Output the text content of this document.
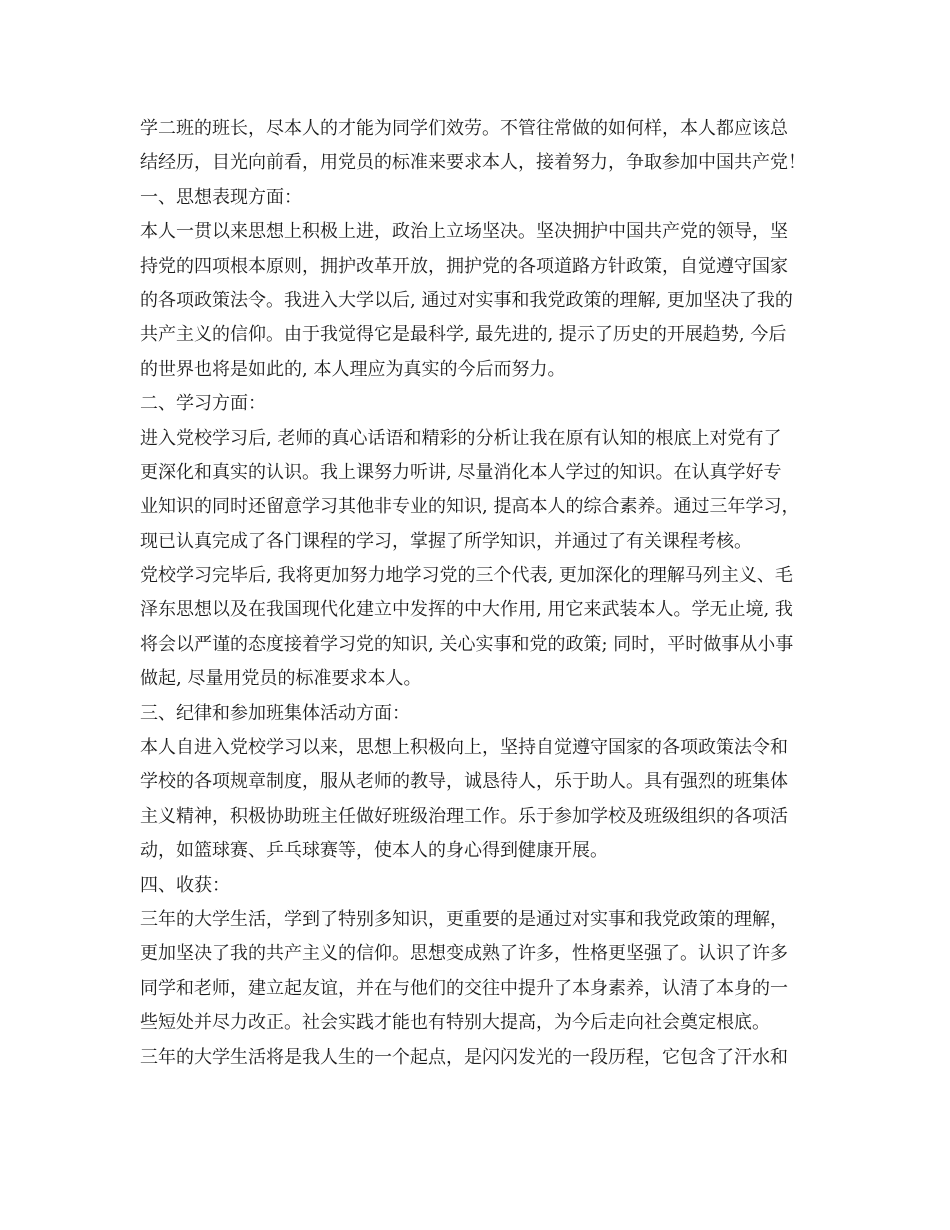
学二班的班长，尽本人的才能为同学们效劳。不管往常做的如何样，本人都应该总
结经历，目光向前看，用党员的标准来要求本人，接着努力，争取参加中国共产党！
一、思想表现方面：
本人一贯以来思想上积极上进，政治上立场坚决。坚决拥护中国共产党的领导，坚
持党的四项根本原则，拥护改革开放，拥护党的各项道路方针政策，自觉遵守国家
的各项政策法令。我进入大学以后, 通过对实事和我党政策的理解, 更加坚决了我的
共产主义的信仰。由于我觉得它是最科学, 最先进的, 提示了历史的开展趋势, 今后
的世界也将是如此的, 本人理应为真实的今后而努力。
二、学习方面：
进入党校学习后, 老师的真心话语和精彩的分析让我在原有认知的根底上对党有了
更深化和真实的认识。我上课努力听讲, 尽量消化本人学过的知识。在认真学好专
业知识的同时还留意学习其他非专业的知识, 提高本人的综合素养。通过三年学习，
现已认真完成了各门课程的学习，掌握了所学知识，并通过了有关课程考核。
党校学习完毕后, 我将更加努力地学习党的三个代表, 更加深化的理解马列主义、毛
泽东思想以及在我国现代化建立中发挥的中大作用, 用它来武装本人。学无止境, 我
将会以严谨的态度接着学习党的知识, 关心实事和党的政策; 同时，平时做事从小事
做起, 尽量用党员的标准要求本人。
三、纪律和参加班集体活动方面：
本人自进入党校学习以来，思想上积极向上，坚持自觉遵守国家的各项政策法令和
学校的各项规章制度，服从老师的教导，诚恳待人，乐于助人。具有强烈的班集体
主义精神，积极协助班主任做好班级治理工作。乐于参加学校及班级组织的各项活
动，如篮球赛、乒乓球赛等，使本人的身心得到健康开展。
四、收获：
三年的大学生活，学到了特别多知识，更重要的是通过对实事和我党政策的理解，
更加坚决了我的共产主义的信仰。思想变成熟了许多，性格更坚强了。认识了许多
同学和老师，建立起友谊，并在与他们的交往中提升了本身素养，认清了本身的一
些短处并尽力改正。社会实践才能也有特别大提高，为今后走向社会奠定根底。
三年的大学生活将是我人生的一个起点，是闪闪发光的一段历程，它包含了汗水和
